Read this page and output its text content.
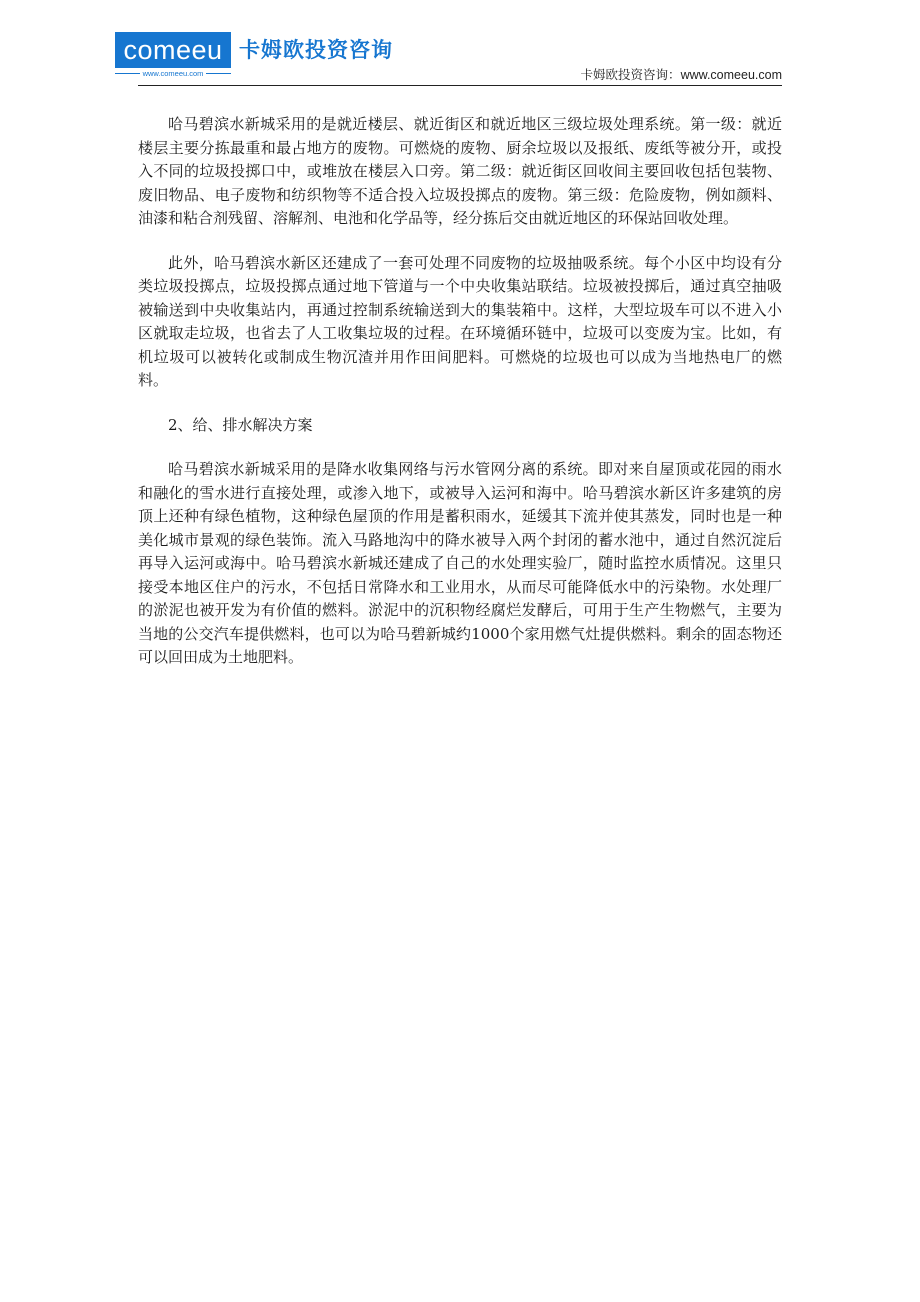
comeeu 卡姆欧投资咨询
www.comeeu.com	卡姆欧投资咨询：www.comeeu.com

哈马碧滨水新城采用的是就近楼层、就近街区和就近地区三级垃圾处理系统。第一级：就近楼层主要分拣最重和最占地方的废物。可燃烧的废物、厨余垃圾以及报纸、废纸等被分开，或投入不同的垃圾投掷口中，或堆放在楼层入口旁。第二级：就近街区回收间主要回收包括包装物、废旧物品、电子废物和纺织物等不适合投入垃圾投掷点的废物。第三级：危险废物，例如颜料、油漆和粘合剂残留、溶解剂、电池和化学品等，经分拣后交由就近地区的环保站回收处理。

此外，哈马碧滨水新区还建成了一套可处理不同废物的垃圾抽吸系统。每个小区中均设有分类垃圾投掷点，垃圾投掷点通过地下管道与一个中央收集站联结。垃圾被投掷后，通过真空抽吸被输送到中央收集站内，再通过控制系统输送到大的集装箱中。这样，大型垃圾车可以不进入小区就取走垃圾，也省去了人工收集垃圾的过程。在环境循环链中，垃圾可以变废为宝。比如，有机垃圾可以被转化或制成生物沉渣并用作田间肥料。可燃烧的垃圾也可以成为当地热电厂的燃料。

2、给、排水解决方案

哈马碧滨水新城采用的是降水收集网络与污水管网分离的系统。即对来自屋顶或花园的雨水和融化的雪水进行直接处理，或渗入地下，或被导入运河和海中。哈马碧滨水新区许多建筑的房顶上还种有绿色植物，这种绿色屋顶的作用是蓄积雨水，延缓其下流并使其蒸发，同时也是一种美化城市景观的绿色装饰。流入马路地沟中的降水被导入两个封闭的蓄水池中，通过自然沉淀后再导入运河或海中。哈马碧滨水新城还建成了自己的水处理实验厂，随时监控水质情况。这里只接受本地区住户的污水，不包括日常降水和工业用水，从而尽可能降低水中的污染物。水处理厂的淤泥也被开发为有价值的燃料。淤泥中的沉积物经腐烂发酵后，可用于生产生物燃气，主要为当地的公交汽车提供燃料，也可以为哈马碧新城约1000个家用燃气灶提供燃料。剩余的固态物还可以回田成为土地肥料。
